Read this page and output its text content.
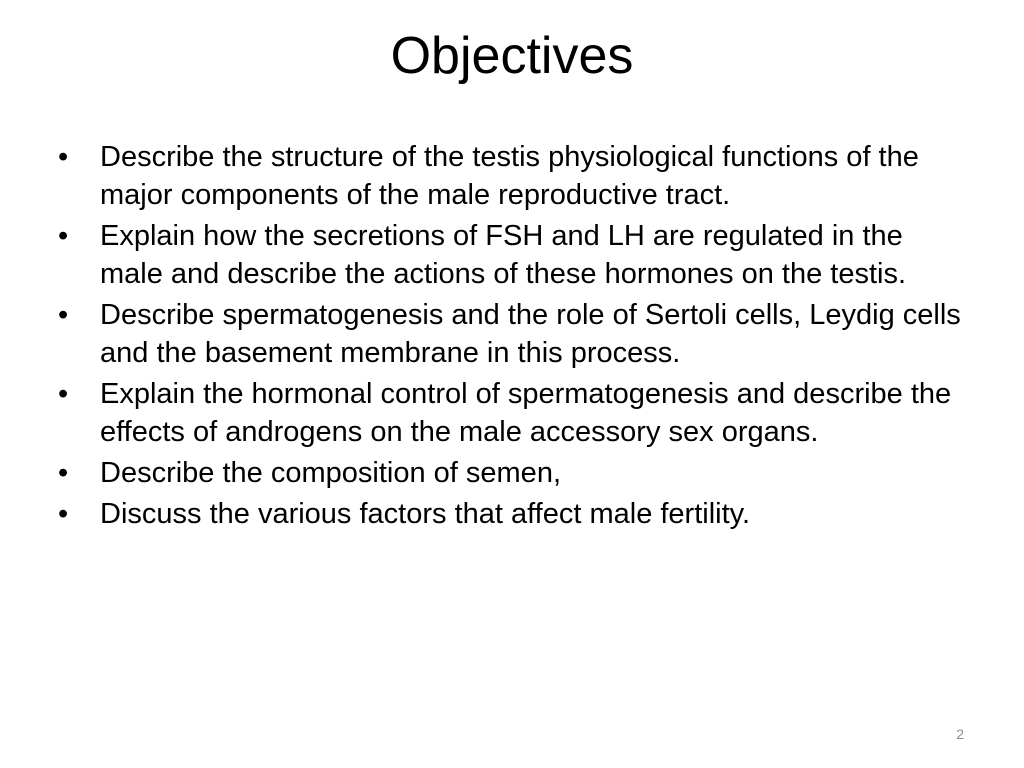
Objectives
•	Describe the structure of the testis physiological functions of the major components of the male reproductive tract.
•	Explain how the secretions of FSH and LH are regulated in the male and describe the actions of these hormones on the testis.
•	Describe spermatogenesis and the role of Sertoli cells, Leydig cells and the basement membrane in this process.
•	Explain the hormonal control of spermatogenesis and describe the effects of androgens on the male accessory sex organs.
•	Describe the composition of semen,
•	Discuss the various factors that affect male fertility.
2
